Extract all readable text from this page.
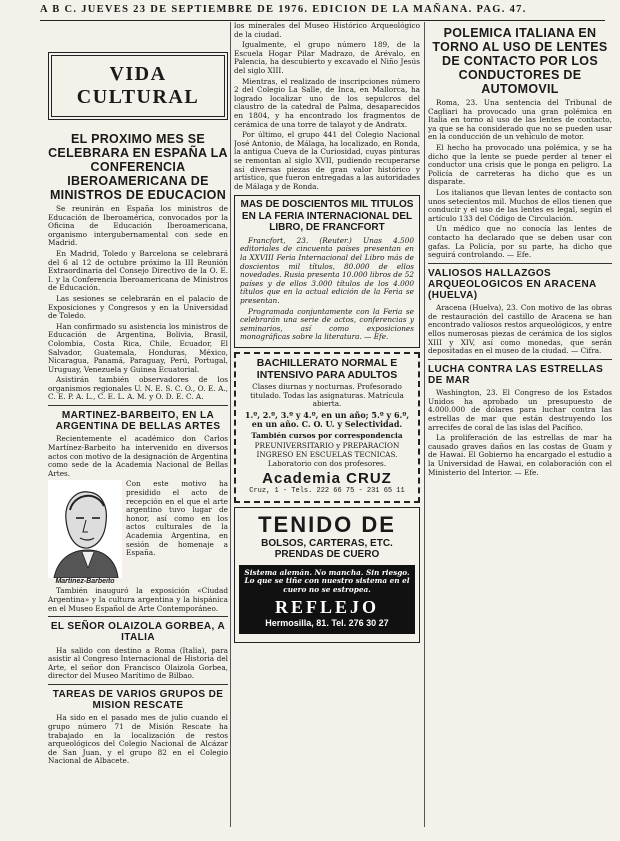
A B C. JUEVES 23 DE SEPTIEMBRE DE 1976. EDICION DE LA MAÑANA. PAG. 47.
VIDA CULTURAL
EL PROXIMO MES SE CELEBRARA EN ESPAÑA LA CONFERENCIA IBEROAMERICANA DE MINISTROS DE EDUCACION

Se reunirán en España los ministros de Educación de Iberoamérica, convocados por la Oficina de Educación Iberoamericana, organismo intergubernamental con sede en Madrid.

En Madrid, Toledo y Barcelona se celebrará del 6 al 12 de octubre próximo la III Reunión Extraordinaria del Consejo Directivo de la O. E. I. y la Conferencia Iberoamericana de Ministros de Educación.

Las sesiones se celebrarán en el palacio de Exposiciones y Congresos y en la Universidad de Toledo.

Han confirmado su asistencia los ministros de Educación de Argentina, Bolivia, Brasil, Colombia, Costa Rica, Chile, Ecuador, El Salvador, Guatemala, Honduras, México, Nicaragua, Panamá, Paraguay, Perú, Portugal, Uruguay, Venezuela y Guinea Ecuatorial.

Asistirán también observadores de los organismos regionales U. N. E. S. C. O., O. E. A., C. E. P. A. L., C. E. L. A. M. y O. D. E. C. A.

MARTINEZ-BARBEITO, EN LA ARGENTINA DE BELLAS ARTES

Recientemente el académico don Carlos Martínez-Barbeito ha intervenido en diversos actos con motivo de la designación de Argentina como sede de la Academia Nacional de Bellas Artes.

Martínez-Barbeito

Con este motivo ha presidido el acto de recepción en el que el arte argentino tuvo lugar de honor, así como en los actos culturales de la Academia Argentina, en sesión de homenaje a España.

También inauguró la exposición «Ciudad Argentina» y la cultura argentina y la hispánica en el Museo Español de Arte Contemporáneo.

EL SEÑOR OLAIZOLA GORBEA, A ITALIA

Ha salido con destino a Roma (Italia), para asistir al Congreso Internacional de Historia del Arte, el señor don Francisco Olaizola Gorbea, director del Museo Marítimo de Bilbao.

TAREAS DE VARIOS GRUPOS DE MISION RESCATE

Ha sido en el pasado mes de julio cuando el grupo número 71 de Misión Rescate ha trabajado en la localización de restos arqueológicos del Colegio Nacional de Alcázar de San Juan, y el grupo 82 en el Colegio Nacional de Albacete.

los minerales del Museo Histórico Arqueológico de la ciudad.

Igualmente, el grupo número 189, de la Escuela Hogar Pilar Madrazo, de Arévalo, en Palencia, ha descubierto y excavado el Niño Jesús del siglo XIII.

Mientras, el realizado de inscripciones número 2 del Colegio La Salle, de Inca, en Mallorca, ha logrado localizar uno de los sepulcros del claustro de la catedral de Palma, desaparecidos en 1804, y ha encontrado los fragmentos de cerámica de una torre de talayot y de Andratx.

Por último, el grupo 441 del Colegio Nacional José Antonio, de Málaga, ha localizado, en Ronda, la antigua Cueva de la Curiosidad, cuyas pinturas se remontan al siglo XVII, pudiendo recuperarse así diversas piezas de gran valor histórico y artístico, que fueron entregadas a las autoridades de Málaga y de Ronda.

MAS DE DOSCIENTOS MIL TITULOS EN LA FERIA INTERNACIONAL DEL LIBRO, DE FRANCFORT

Francfort, 23. (Reuter.) Unas 4.500 editoriales de cincuenta países presentan en la XXVIII Feria Internacional del Libro más de doscientos mil títulos, 80.000 de ellos novedades. Rusia presenta 10.000 libros de 52 países y de ellos 3.000 títulos de los 4.000 títulos que en la actual edición de la Feria se presentan.

Programada conjuntamente con la Feria se celebrarán una serie de actos, conferencias y seminarios, así como exposiciones monográficas sobre la literatura. — Efe.

BACHILLERATO NORMAL E INTENSIVO PARA ADULTOS

Clases diurnas y nocturnas. Profesorado titulado. Todas las asignaturas. Matrícula abierta.

1.º, 2.º, 3.º y 4.º, en un año; 5.º y 6.º, en un año. C. O. U. y Selectividad.

También cursos por correspondencia

PREUNIVERSITARIO y PREPARACION INGRESO EN ESCUELAS TECNICAS. Laboratorio con dos profesores.

Academia CRUZ
Cruz, 1 - Tels. 222 66 75 - 231 65 11
TENIDO DE
BOLSOS, CARTERAS, ETC. PRENDAS DE CUERO

Sistema alemán. No mancha. Sin riesgo. Lo que se tiñe con nuestro sistema en el cuero no se estropea.

REFLEJO
Hermosilla, 81. Tel. 276 30 27
POLEMICA ITALIANA EN TORNO AL USO DE LENTES DE CONTACTO POR LOS CONDUCTORES DE AUTOMOVIL

Roma, 23. Una sentencia del Tribunal de Cagliari ha provocado una gran polémica en Italia en torno al uso de las lentes de contacto, ya que se ha considerado que no se pueden usar en la conducción de un vehículo de motor.

El hecho ha provocado una polémica, y se ha dicho que la lente se puede perder al tener el conductor una crisis que le ponga en peligro. La Policía de carreteras ha dicho que es un disparate.

Los italianos que llevan lentes de contacto son unos setecientos mil. Muchos de ellos tienen que conducir y el uso de las lentes es legal, según el artículo 133 del Código de Circulación.

Un médico que no conocía las lentes de contacto ha declarado que se deben usar con gafas. La Policía, por su parte, ha dicho que seguirá controlando. — Efe.

VALIOSOS HALLAZGOS ARQUEOLOGICOS EN ARACENA (HUELVA)

Aracena (Huelva), 23. Con motivo de las obras de restauración del castillo de Aracena se han encontrado valiosos restos arqueológicos, y entre ellos numerosas piezas de cerámica de los siglos XIII y XIV, así como monedas, que serán depositadas en el museo de la ciudad. — Cifra.

LUCHA CONTRA LAS ESTRELLAS DE MAR

Washington, 23. El Congreso de los Estados Unidos ha aprobado un presupuesto de 4.000.000 de dólares para luchar contra las estrellas de mar que están destruyendo los arrecifes de coral de las islas del Pacífico.

La proliferación de las estrellas de mar ha causado graves daños en las costas de Guam y de Hawai. El Gobierno ha encargado el estudio a la Universidad de Hawai, en colaboración con el Ministerio del Interior. — Efe.
